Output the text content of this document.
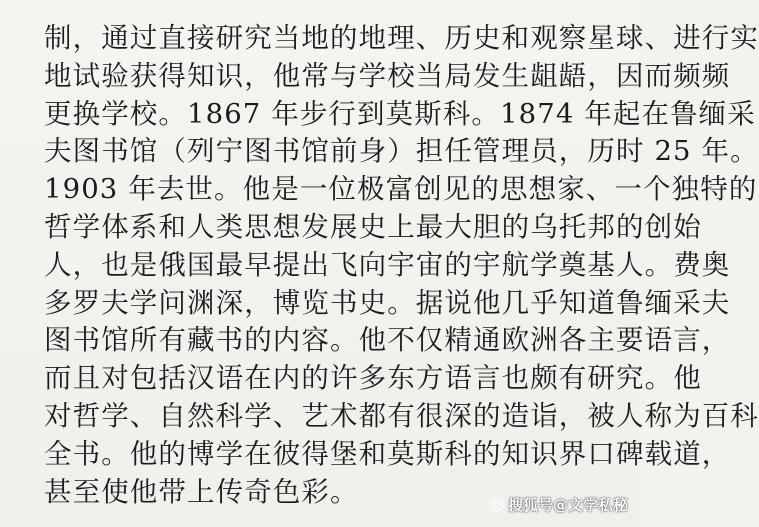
制，通过直接研究当地的地理、历史和观察星球、进行实
地试验获得知识，他常与学校当局发生龃龉，因而频频
更换学校。1867 年步行到莫斯科。1874 年起在鲁缅采
夫图书馆（列宁图书馆前身）担任管理员，历时 25 年。
1903 年去世。他是一位极富创见的思想家、一个独特的
哲学体系和人类思想发展史上最大胆的乌托邦的创始
人，也是俄国最早提出飞向宇宙的宇航学奠基人。费奥
多罗夫学问渊深，博览书史。据说他几乎知道鲁缅采夫
图书馆所有藏书的内容。他不仅精通欧洲各主要语言，
而且对包括汉语在内的许多东方语言也颇有研究。他
对哲学、自然科学、艺术都有很深的造诣，被人称为百科
全书。他的博学在彼得堡和莫斯科的知识界口碑载道，
甚至使他带上传奇色彩。	搜狐号@文学私秘
